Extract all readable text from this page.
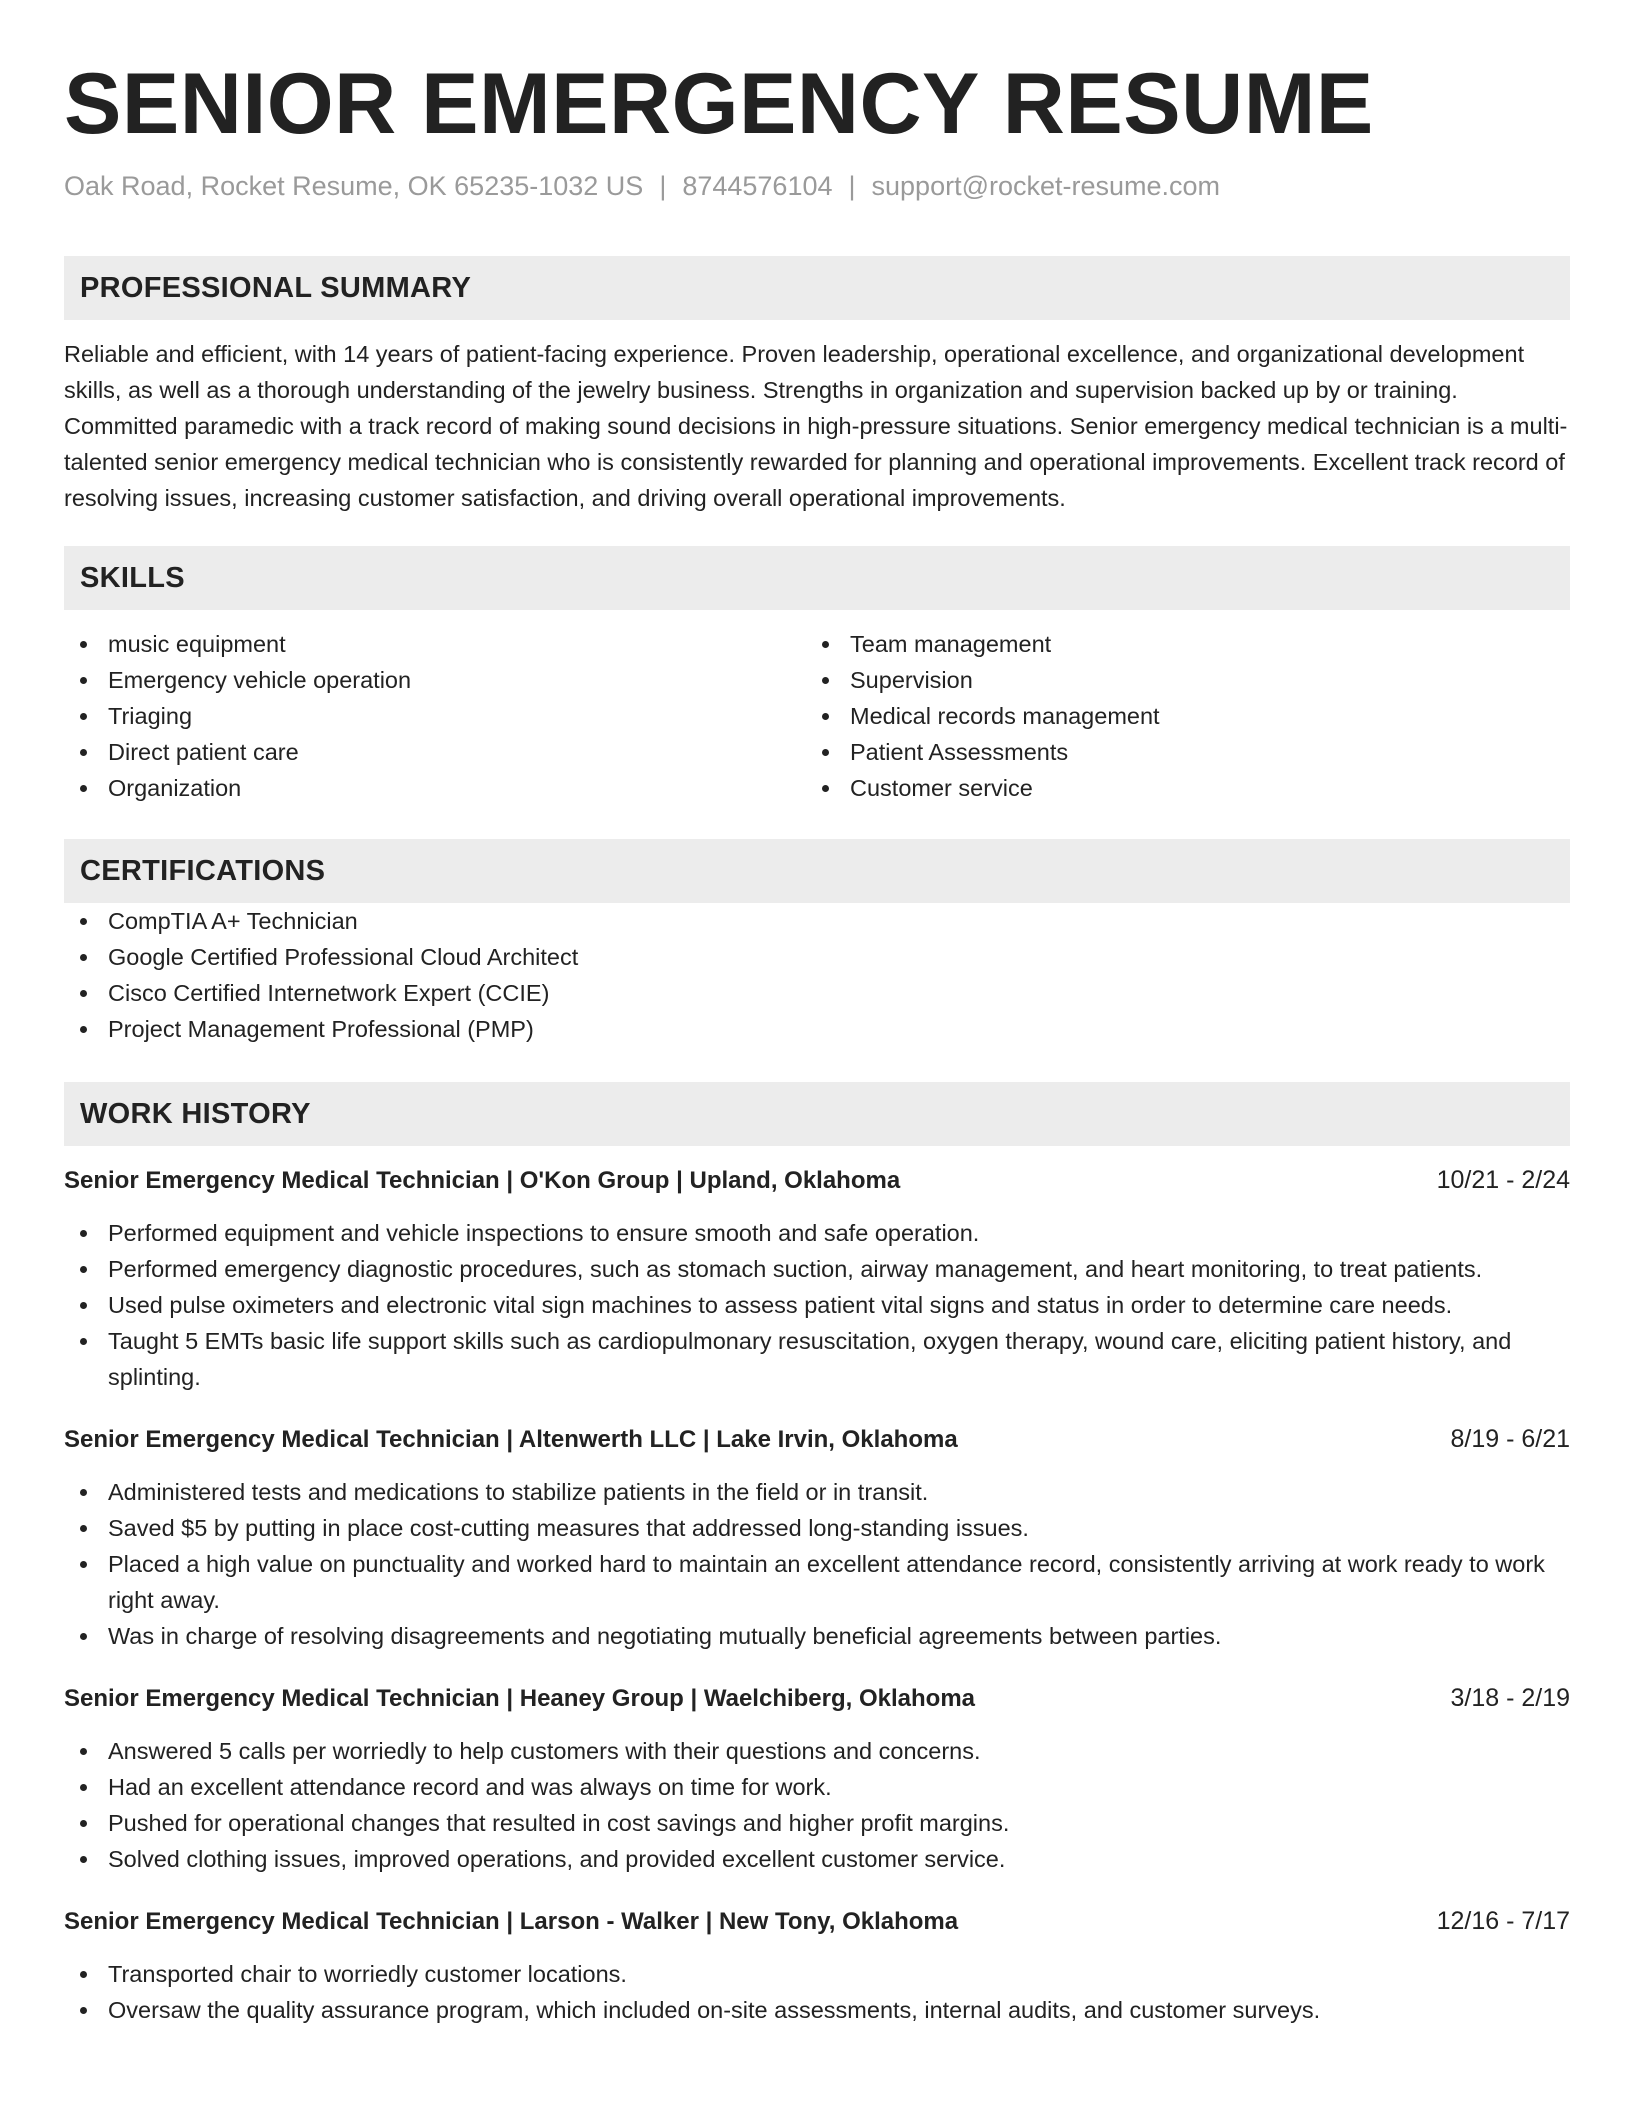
SENIOR EMERGENCY RESUME
Oak Road, Rocket Resume, OK 65235-1032 US | 8744576104 | support@rocket-resume.com
PROFESSIONAL SUMMARY
Reliable and efficient, with 14 years of patient-facing experience. Proven leadership, operational excellence, and organizational development skills, as well as a thorough understanding of the jewelry business. Strengths in organization and supervision backed up by or training. Committed paramedic with a track record of making sound decisions in high-pressure situations. Senior emergency medical technician is a multi-talented senior emergency medical technician who is consistently rewarded for planning and operational improvements. Excellent track record of resolving issues, increasing customer satisfaction, and driving overall operational improvements.
SKILLS
music equipment
Emergency vehicle operation
Triaging
Direct patient care
Organization
Team management
Supervision
Medical records management
Patient Assessments
Customer service
CERTIFICATIONS
CompTIA A+ Technician
Google Certified Professional Cloud Architect
Cisco Certified Internetwork Expert (CCIE)
Project Management Professional (PMP)
WORK HISTORY
Senior Emergency Medical Technician | O'Kon Group | Upland, Oklahoma	10/21 - 2/24
Performed equipment and vehicle inspections to ensure smooth and safe operation.
Performed emergency diagnostic procedures, such as stomach suction, airway management, and heart monitoring, to treat patients.
Used pulse oximeters and electronic vital sign machines to assess patient vital signs and status in order to determine care needs.
Taught 5 EMTs basic life support skills such as cardiopulmonary resuscitation, oxygen therapy, wound care, eliciting patient history, and splinting.
Senior Emergency Medical Technician | Altenwerth LLC | Lake Irvin, Oklahoma	8/19 - 6/21
Administered tests and medications to stabilize patients in the field or in transit.
Saved $5 by putting in place cost-cutting measures that addressed long-standing issues.
Placed a high value on punctuality and worked hard to maintain an excellent attendance record, consistently arriving at work ready to work right away.
Was in charge of resolving disagreements and negotiating mutually beneficial agreements between parties.
Senior Emergency Medical Technician | Heaney Group | Waelchiberg, Oklahoma	3/18 - 2/19
Answered 5 calls per worriedly to help customers with their questions and concerns.
Had an excellent attendance record and was always on time for work.
Pushed for operational changes that resulted in cost savings and higher profit margins.
Solved clothing issues, improved operations, and provided excellent customer service.
Senior Emergency Medical Technician | Larson - Walker | New Tony, Oklahoma	12/16 - 7/17
Transported chair to worriedly customer locations.
Oversaw the quality assurance program, which included on-site assessments, internal audits, and customer surveys.
